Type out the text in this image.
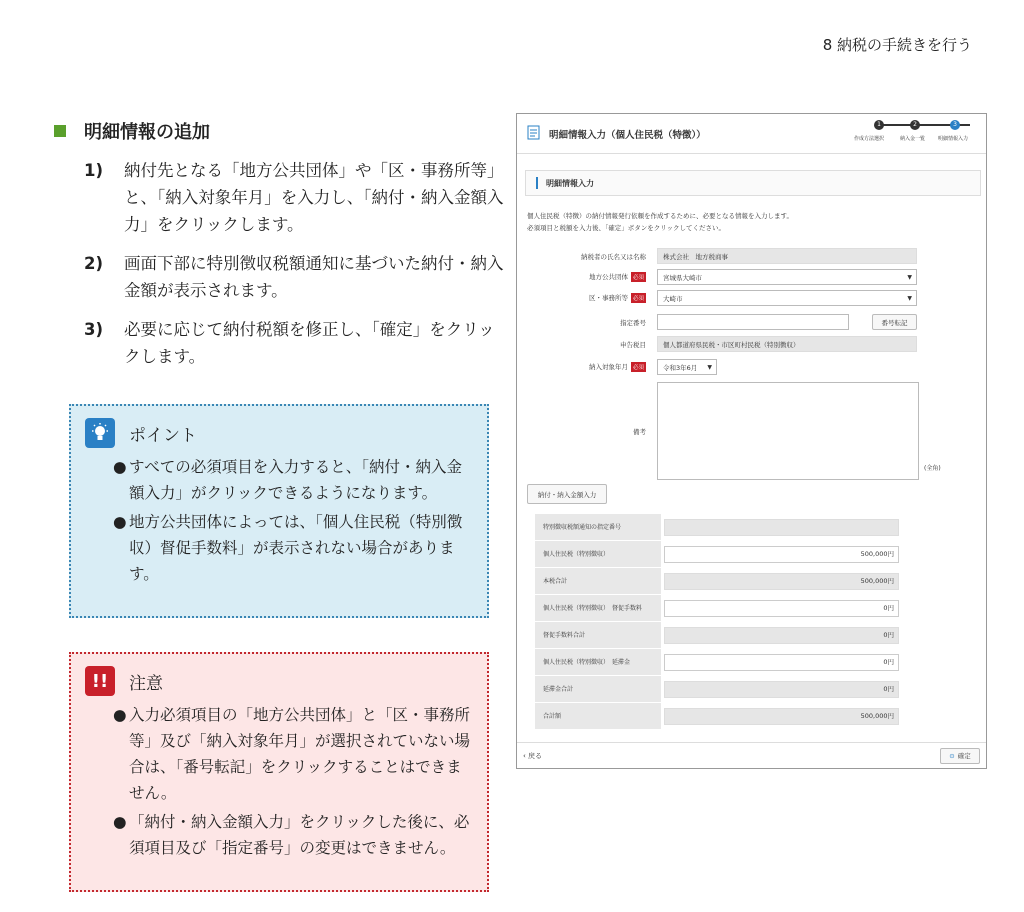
8 納税の手続きを行う
明細情報の追加
1)	納付先となる「地方公共団体」や「区・事務所等」と、「納入対象年月」を入力し、「納付・納入金額入力」をクリックします。
2)	画面下部に特別徴収税額通知に基づいた納付・納入金額が表示されます。
3)	必要に応じて納付税額を修正し、「確定」をクリックします。
ポイント
● すべての必須項目を入力すると、「納付・納入金額入力」がクリックできるようになります。
● 地方公共団体によっては、「個人住民税（特別徴収）督促手数料」が表示されない場合があります。
!!	注意
● 入力必須項目の「地方公共団体」と「区・事務所等」及び「納入対象年月」が選択されていない場合は、「番号転記」をクリックすることはできません。
● 「納付・納入金額入力」をクリックした後に、必須項目及び「指定番号」の変更はできません。
明細情報入力（個人住民税（特徴））
1	2	3
作成方法選択	納入金一覧	明細情報入力
明細情報入力
個人住民税（特徴）の納付情報発行依頼を作成するために、必要となる情報を入力します。
必須項目と税額を入力後、「確定」ボタンをクリックしてください。
納税者の氏名又は名称	株式会社　地方税商事
地方公共団体 必須	宮城県大崎市	▼
区・事務所等 必須	大崎市	▼
指定番号	番号転記
申告税目	個人都道府県民税・市区町村民税（特別徴収）
納入対象年月 必須	令和3年6月 ▼
備考
(全角)
納付・納入金額入力
特別徴収税額通知の指定番号
個人住民税（特別徴収）	500,000円
本税合計	500,000円
個人住民税（特別徴収）　督促手数料	0円
督促手数料合計	0円
個人住民税（特別徴収）　延滞金	0円
延滞金合計	0円
合計額	500,000円
‹ 戻る	⊙ 確定
